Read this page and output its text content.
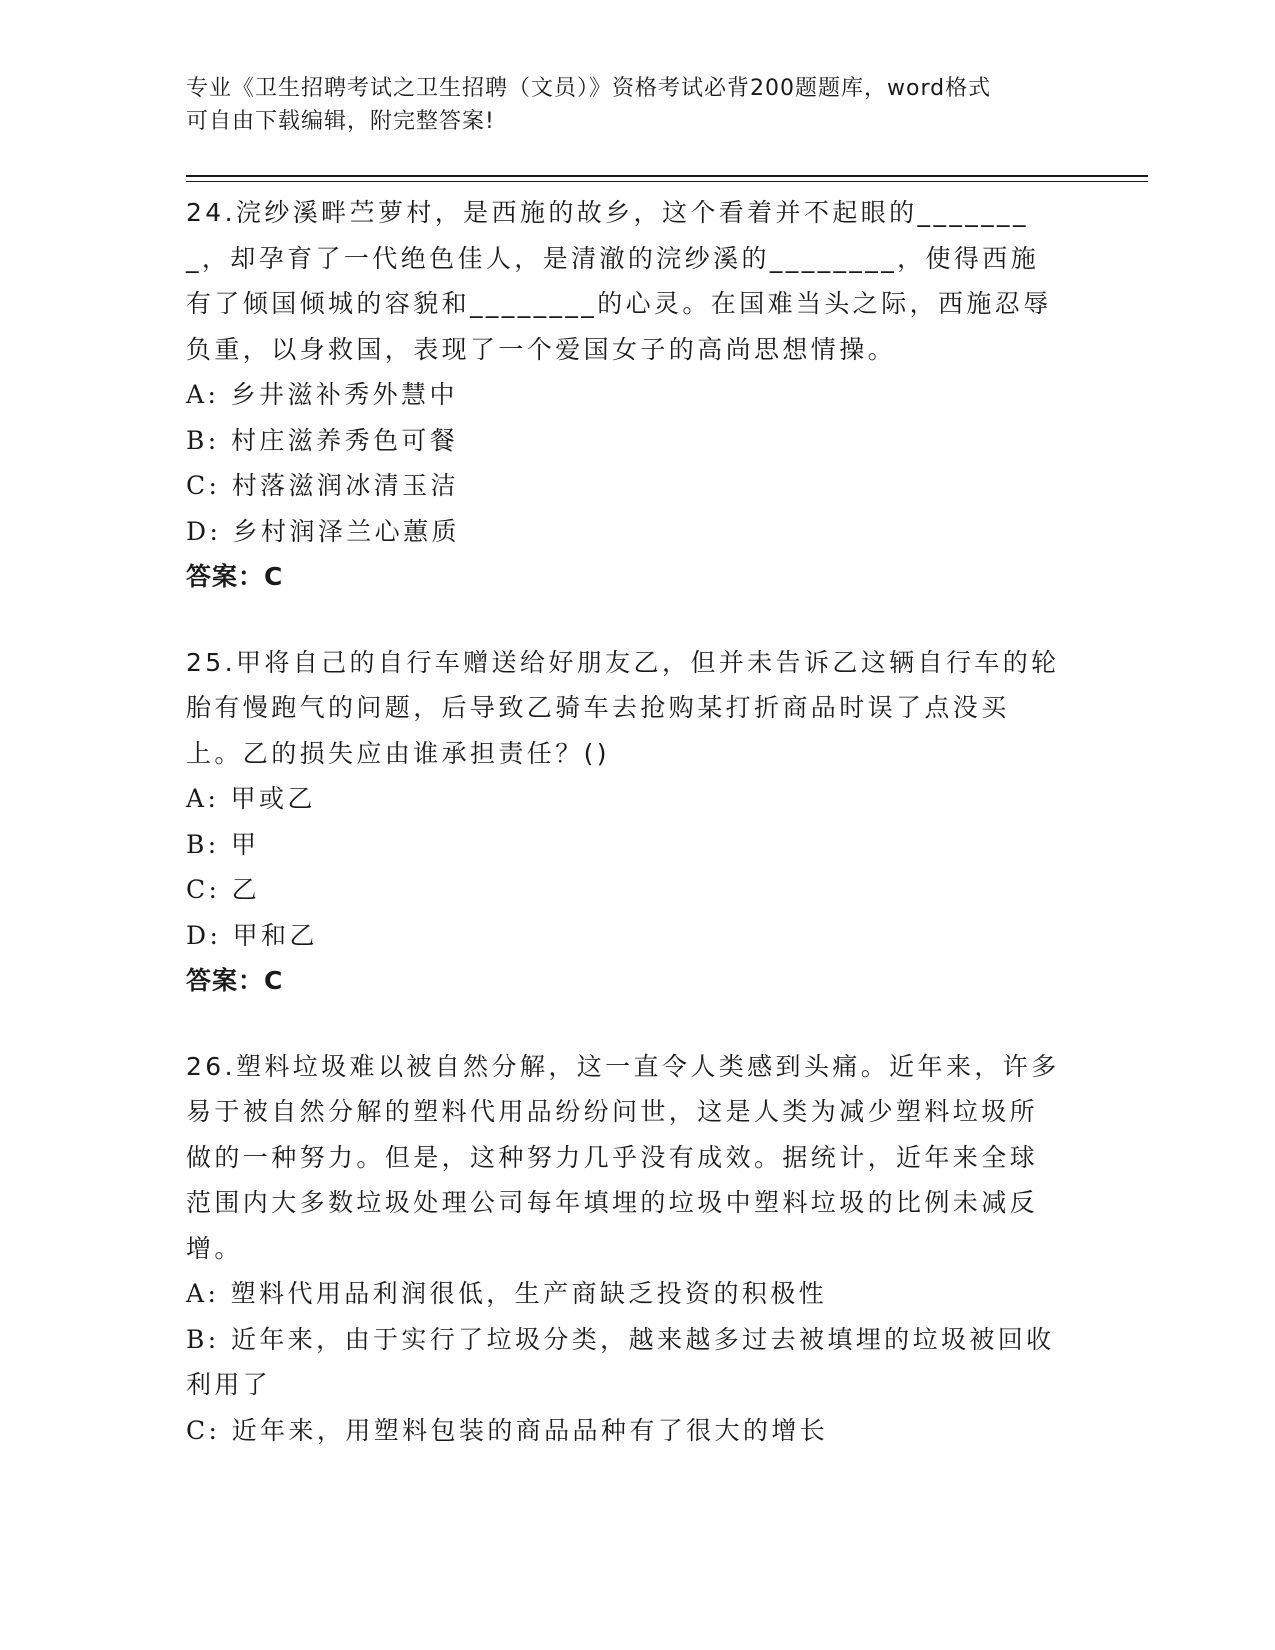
专业《卫生招聘考试之卫生招聘（文员）》资格考试必背200题题库，word格式
可自由下载编辑，附完整答案!
24.浣纱溪畔苎萝村，是西施的故乡，这个看着并不起眼的________，却孕育了一代绝色佳人，是清澈的浣纱溪的________，使得西施有了倾国倾城的容貌和________的心灵。在国难当头之际，西施忍辱负重，以身救国，表现了一个爱国女子的高尚思想情操。
A: 乡井滋补秀外慧中
B: 村庄滋养秀色可餐
C: 村落滋润冰清玉洁
D: 乡村润泽兰心蕙质
答案：C
25.甲将自己的自行车赠送给好朋友乙，但并未告诉乙这辆自行车的轮胎有慢跑气的问题，后导致乙骑车去抢购某打折商品时误了点没买上。乙的损失应由谁承担责任？()
A: 甲或乙
B: 甲
C: 乙
D: 甲和乙
答案：C
26.塑料垃圾难以被自然分解，这一直令人类感到头痛。近年来，许多易于被自然分解的塑料代用品纷纷问世，这是人类为减少塑料垃圾所做的一种努力。但是，这种努力几乎没有成效。据统计，近年来全球范围内大多数垃圾处理公司每年填埋的垃圾中塑料垃圾的比例未减反增。
A: 塑料代用品利润很低，生产商缺乏投资的积极性
B: 近年来，由于实行了垃圾分类，越来越多过去被填埋的垃圾被回收利用了
C: 近年来，用塑料包装的商品品种有了很大的增长
